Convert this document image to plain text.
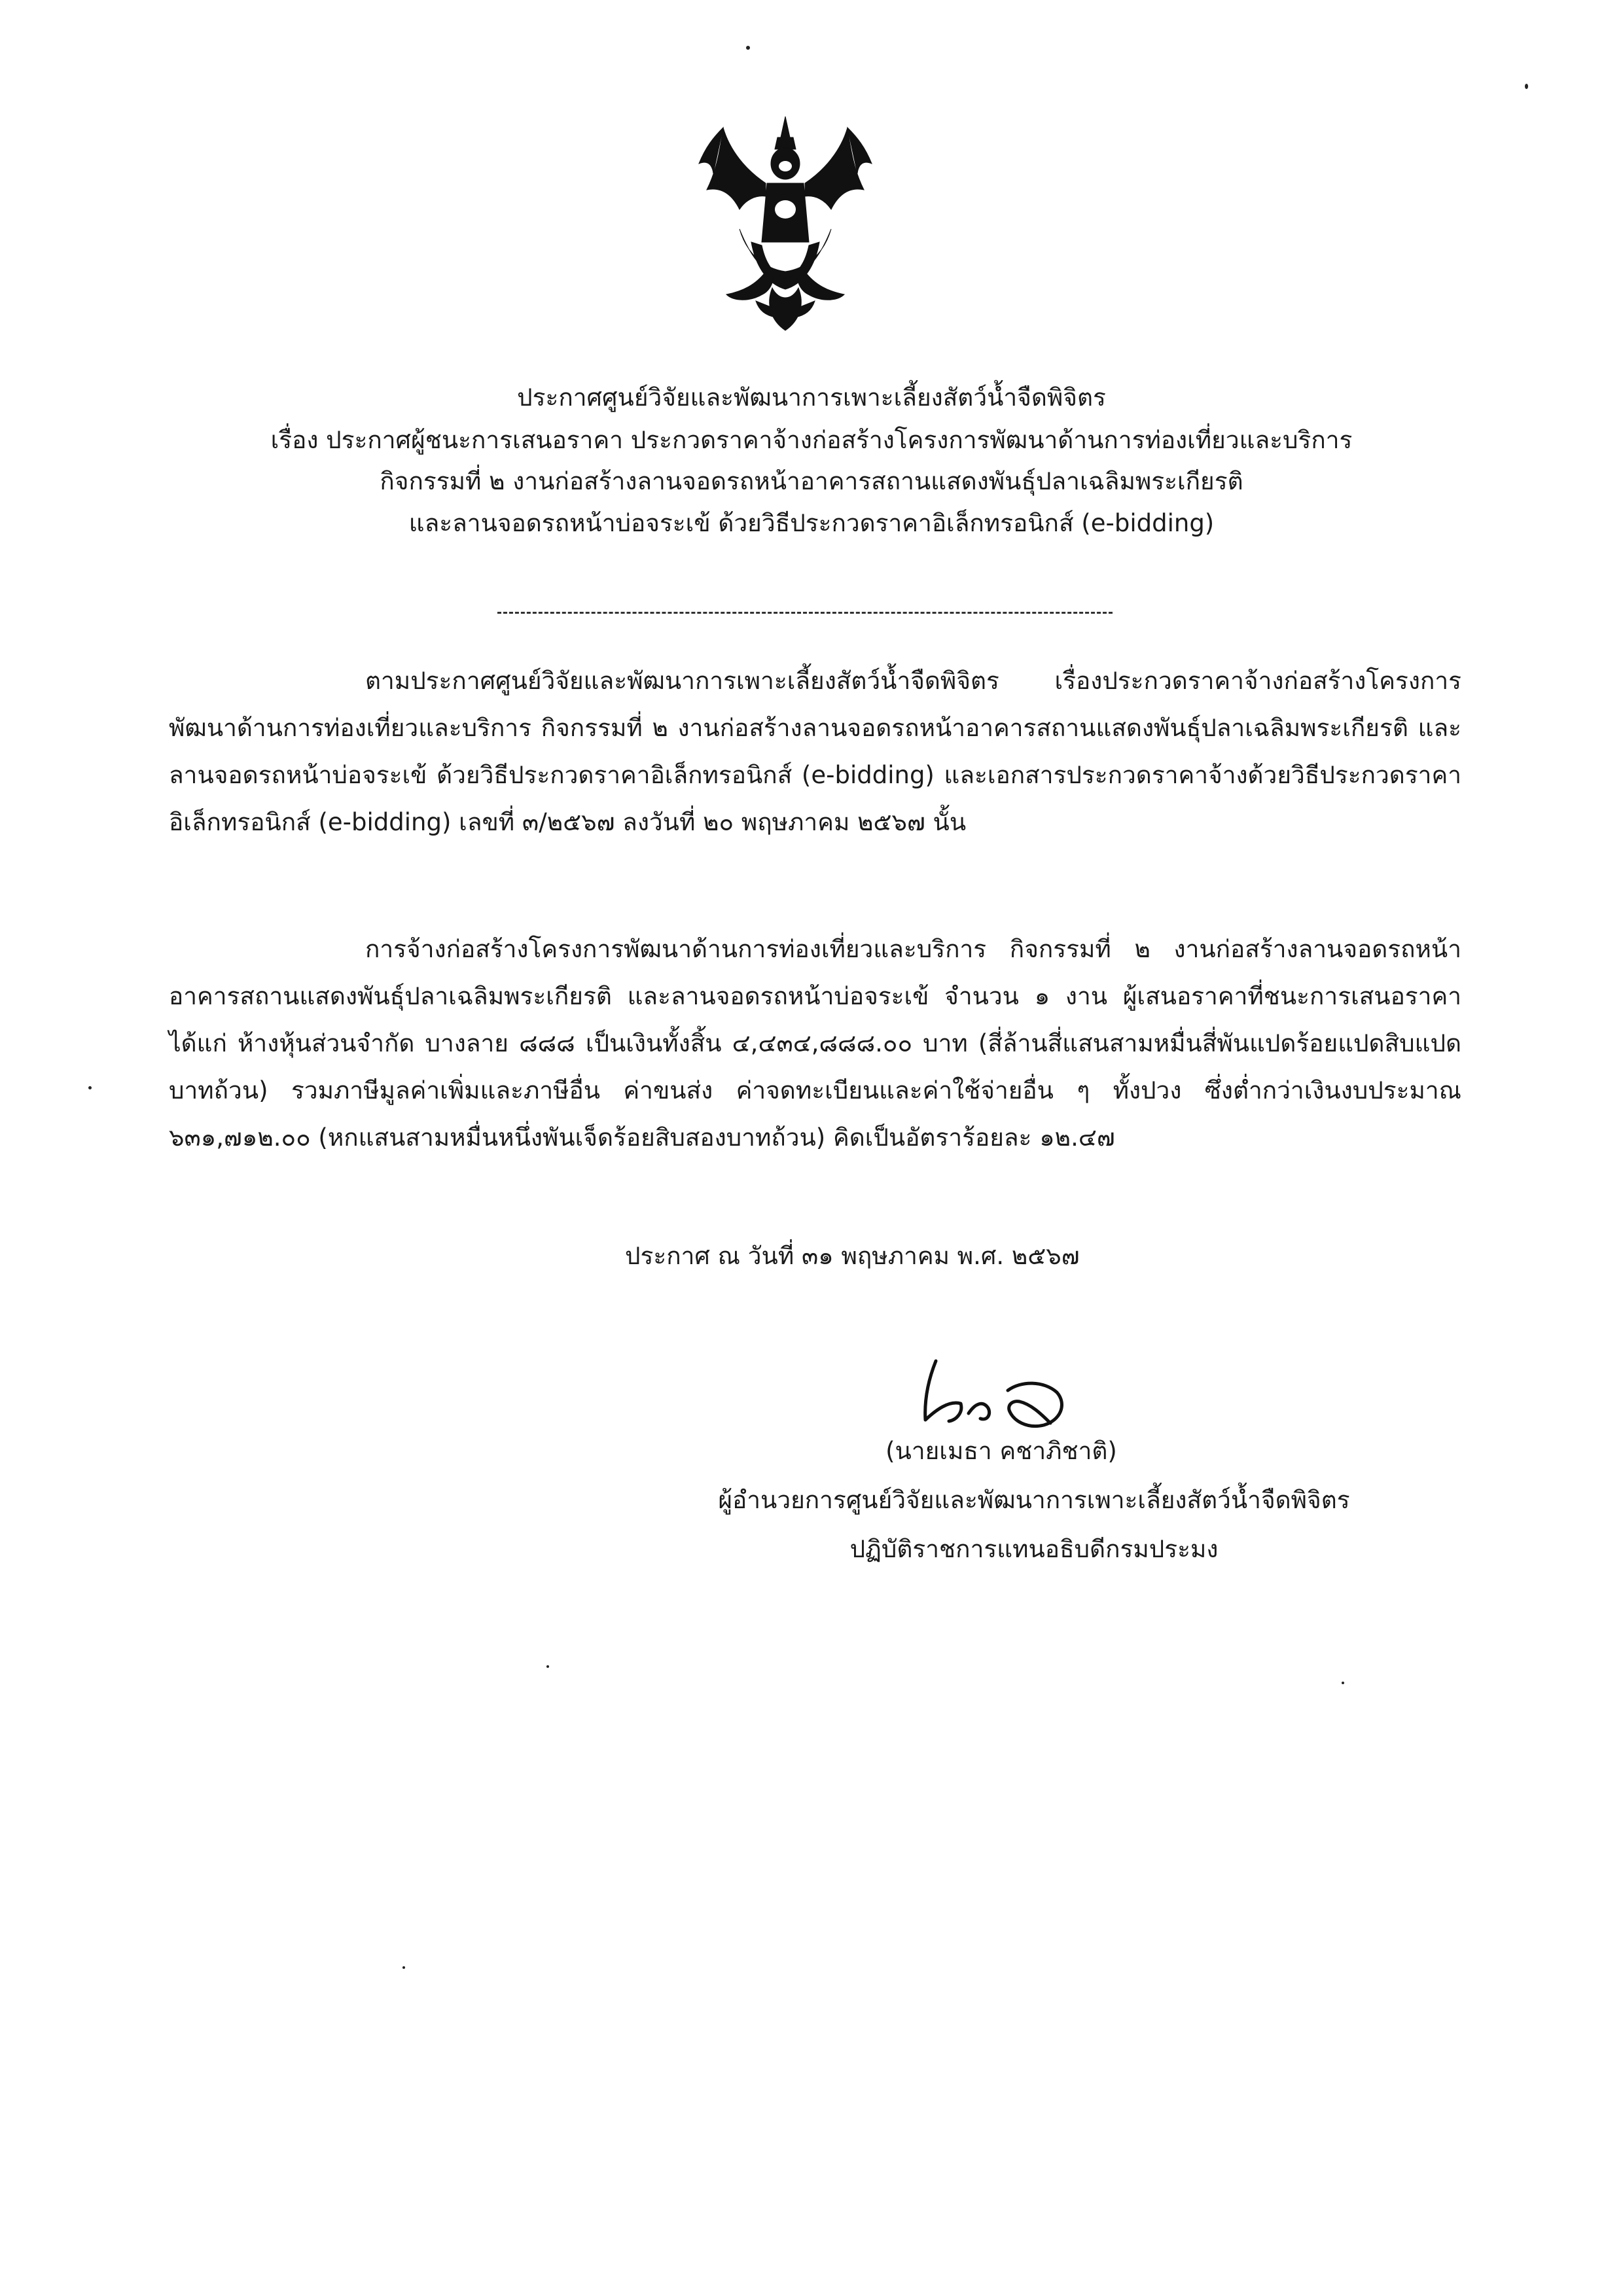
ประกาศศูนย์วิจัยและพัฒนาการเพาะเลี้ยงสัตว์น้ำจืดพิจิตร
เรื่อง ประกาศผู้ชนะการเสนอราคา ประกวดราคาจ้างก่อสร้างโครงการพัฒนาด้านการท่องเที่ยวและบริการ
กิจกรรมที่ ๒ งานก่อสร้างลานจอดรถหน้าอาคารสถานแสดงพันธุ์ปลาเฉลิมพระเกียรติ
และลานจอดรถหน้าบ่อจระเข้ ด้วยวิธีประกวดราคาอิเล็กทรอนิกส์ (e-bidding)
ตามประกาศศูนย์วิจัยและพัฒนาการเพาะเลี้ยงสัตว์น้ำจืดพิจิตร เรื่องประกวดราคาจ้างก่อสร้างโครงการพัฒนาด้านการท่องเที่ยวและบริการ กิจกรรมที่ ๒ งานก่อสร้างลานจอดรถหน้าอาคารสถานแสดงพันธุ์ปลาเฉลิมพระเกียรติ และลานจอดรถหน้าบ่อจระเข้ ด้วยวิธีประกวดราคาอิเล็กทรอนิกส์ (e-bidding) และเอกสารประกวดราคาจ้างด้วยวิธีประกวดราคาอิเล็กทรอนิกส์ (e-bidding) เลขที่ ๓/๒๕๖๗ ลงวันที่ ๒๐ พฤษภาคม ๒๕๖๗ นั้น
การจ้างก่อสร้างโครงการพัฒนาด้านการท่องเที่ยวและบริการ กิจกรรมที่ ๒ งานก่อสร้างลานจอดรถหน้าอาคารสถานแสดงพันธุ์ปลาเฉลิมพระเกียรติ และลานจอดรถหน้าบ่อจระเข้ จำนวน ๑ งาน ผู้เสนอราคาที่ชนะการเสนอราคา ได้แก่ ห้างหุ้นส่วนจำกัด บางลาย ๘๘๘ เป็นเงินทั้งสิ้น ๔,๔๓๔,๘๘๘.๐๐ บาท (สี่ล้านสี่แสนสามหมื่นสี่พันแปดร้อยแปดสิบแปดบาทถ้วน) รวมภาษีมูลค่าเพิ่มและภาษีอื่น ค่าขนส่ง ค่าจดทะเบียนและค่าใช้จ่ายอื่น ๆ ทั้งปวง ซึ่งต่ำกว่าเงินงบประมาณ ๖๓๑,๗๑๒.๐๐ (หกแสนสามหมื่นหนึ่งพันเจ็ดร้อยสิบสองบาทถ้วน) คิดเป็นอัตราร้อยละ ๑๒.๔๗
ประกาศ ณ วันที่ ๓๑ พฤษภาคม พ.ศ. ๒๕๖๗
(นายเมธา คชาภิชาติ)
ผู้อำนวยการศูนย์วิจัยและพัฒนาการเพาะเลี้ยงสัตว์น้ำจืดพิจิตร
ปฏิบัติราชการแทนอธิบดีกรมประมง
